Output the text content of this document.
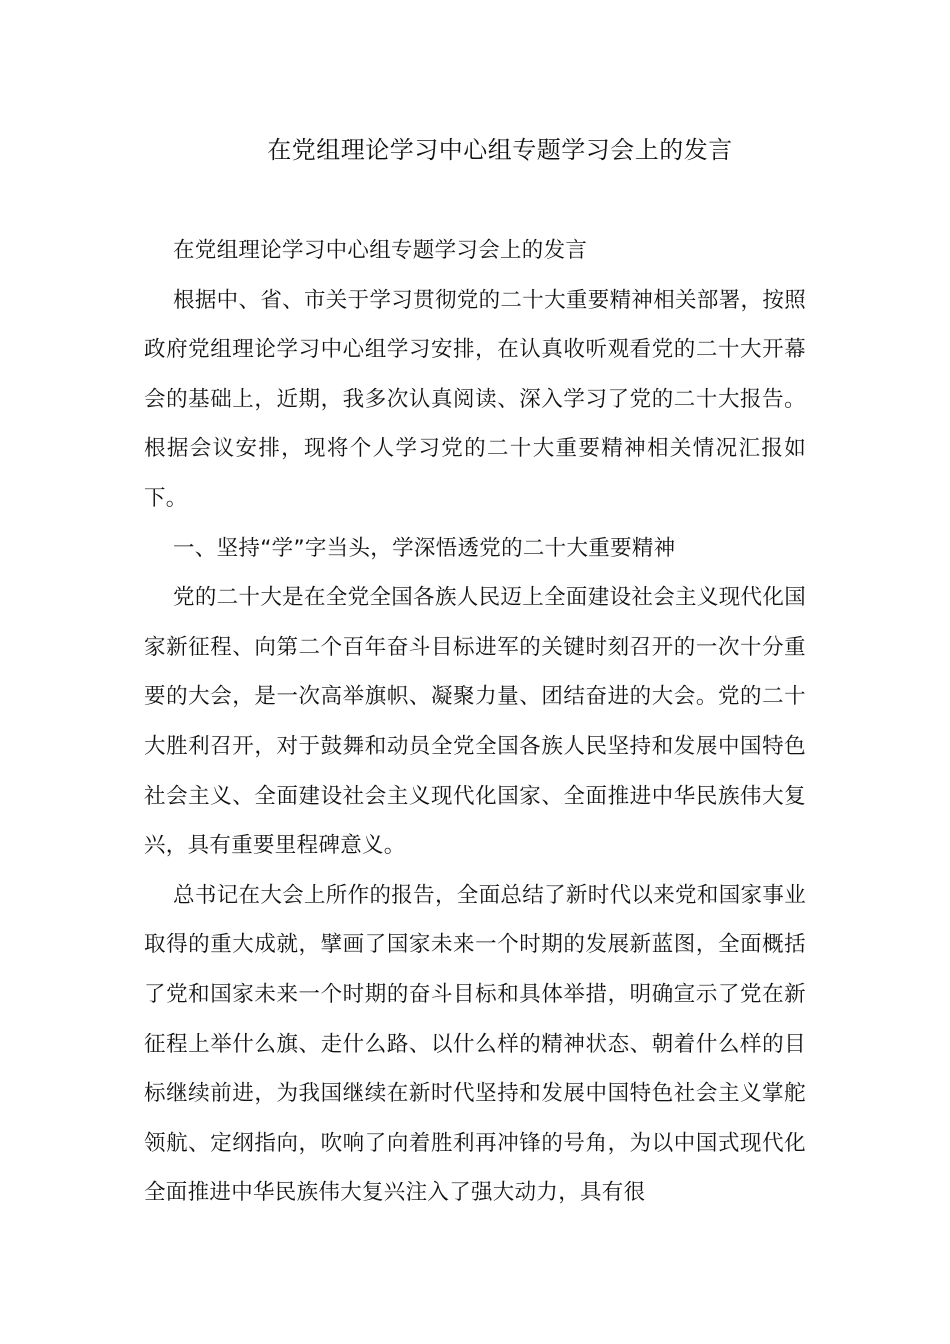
在党组理论学习中心组专题学习会上的发言

在党组理论学习中心组专题学习会上的发言

根据中、省、市关于学习贯彻党的二十大重要精神相关部署，按照政府党组理论学习中心组学习安排，在认真收听观看党的二十大开幕会的基础上，近期，我多次认真阅读、深入学习了党的二十大报告。根据会议安排，现将个人学习党的二十大重要精神相关情况汇报如下。

一、坚持“学”字当头，学深悟透党的二十大重要精神

党的二十大是在全党全国各族人民迈上全面建设社会主义现代化国家新征程、向第二个百年奋斗目标进军的关键时刻召开的一次十分重要的大会，是一次高举旗帜、凝聚力量、团结奋进的大会。党的二十大胜利召开，对于鼓舞和动员全党全国各族人民坚持和发展中国特色社会主义、全面建设社会主义现代化国家、全面推进中华民族伟大复兴，具有重要里程碑意义。

总书记在大会上所作的报告，全面总结了新时代以来党和国家事业取得的重大成就，擘画了国家未来一个时期的发展新蓝图，全面概括了党和国家未来一个时期的奋斗目标和具体举措，明确宣示了党在新征程上举什么旗、走什么路、以什么样的精神状态、朝着什么样的目标继续前进，为我国继续在新时代坚持和发展中国特色社会主义掌舵领航、定纲指向，吹响了向着胜利再冲锋的号角，为以中国式现代化全面推进中华民族伟大复兴注入了强大动力，具有很
